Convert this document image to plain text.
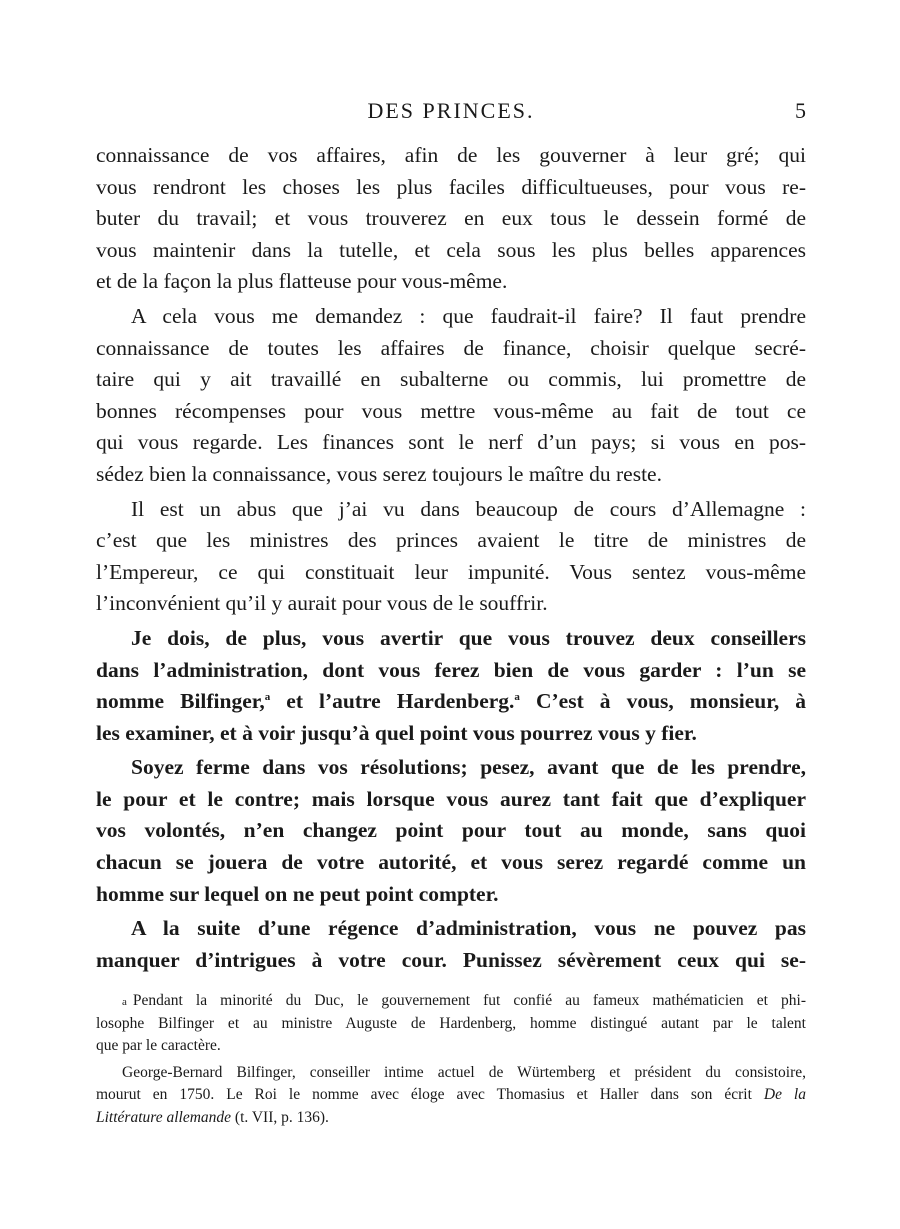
DES PRINCES.	5
connaissance de vos affaires, afin de les gouverner à leur gré; qui
vous rendront les choses les plus faciles difficultueuses, pour vous re-
buter du travail; et vous trouverez en eux tous le dessein formé de
vous maintenir dans la tutelle, et cela sous les plus belles apparences
et de la façon la plus flatteuse pour vous-même.
A cela vous me demandez : que faudrait-il faire? Il faut prendre
connaissance de toutes les affaires de finance, choisir quelque secré-
taire qui y ait travaillé en subalterne ou commis, lui promettre de
bonnes récompenses pour vous mettre vous-même au fait de tout ce
qui vous regarde. Les finances sont le nerf d’un pays; si vous en pos-
sédez bien la connaissance, vous serez toujours le maître du reste.
Il est un abus que j’ai vu dans beaucoup de cours d’Allemagne :
c’est que les ministres des princes avaient le titre de ministres de
l’Empereur, ce qui constituait leur impunité. Vous sentez vous-même
l’inconvénient qu’il y aurait pour vous de le souffrir.
Je dois, de plus, vous avertir que vous trouvez deux conseillers
dans l’administration, dont vous ferez bien de vous garder : l’un se
nomme Bilfinger,$^a$ et l’autre Hardenberg.$^a$ C’est à vous, monsieur, à
les examiner, et à voir jusqu’à quel point vous pourrez vous y fier.
Soyez ferme dans vos résolutions; pesez, avant que de les prendre,
le pour et le contre; mais lorsque vous aurez tant fait que d’expliquer
vos volontés, n’en changez point pour tout au monde, sans quoi
chacun se jouera de votre autorité, et vous serez regardé comme un
homme sur lequel on ne peut point compter.
A la suite d’une régence d’administration, vous ne pouvez pas
manquer d’intrigues à votre cour. Punissez sévèrement ceux qui se-
a Pendant la minorité du Duc, le gouvernement fut confié au fameux mathématicien et phi-
losophe Bilfinger et au ministre Auguste de Hardenberg, homme distingué autant par le talent
que par le caractère.
George-Bernard Bilfinger, conseiller intime actuel de Würtemberg et président du consistoire,
mourut en 1750. Le Roi le nomme avec éloge avec Thomasius et Haller dans son écrit De la
Littérature allemande (t. VII, p. 136).
